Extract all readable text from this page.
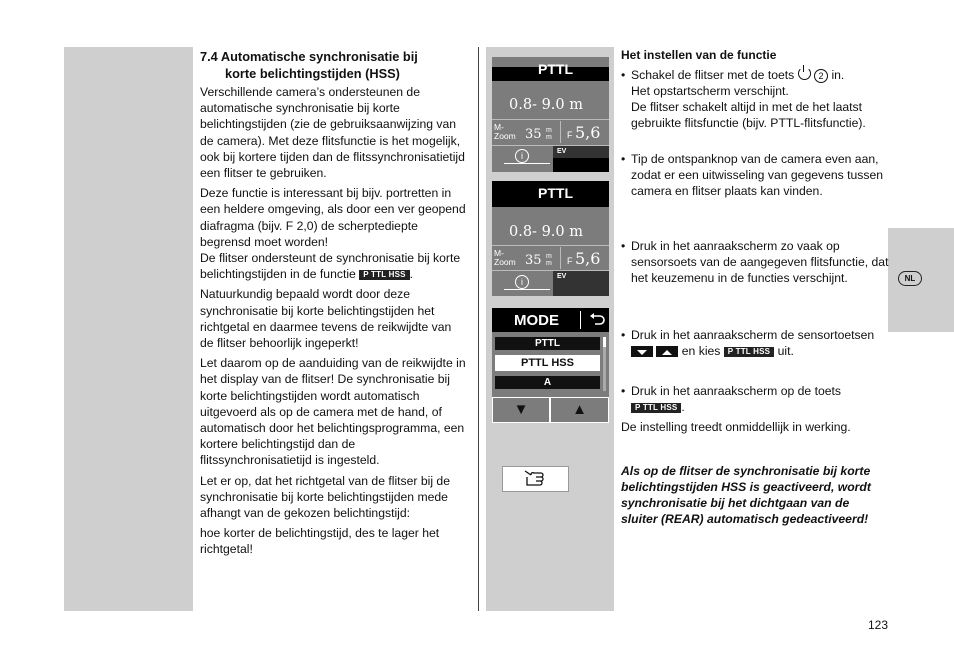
NL
7.4 Automatische synchronisatie bij
korte belichtingstijden (HSS)

Verschillende camera’s ondersteunen de automatische synchronisatie bij korte belichtingstijden (zie de gebruiksaanwijzing van de camera). Met deze flitsfunctie is het mogelijk, ook bij kortere tijden dan de flitssynchronisatietijd een flitser te gebruiken.

Deze functie is interessant bij bijv. portretten in een heldere omgeving, als door een ver geopend diafragma (bijv. F 2,0) de scherptediepte begrensd moet worden!

De flitser ondersteunt de synchronisatie bij korte belichtingstijden in de functie P TTL HSS .

Natuurkundig bepaald wordt door deze synchronisatie bij korte belichtingstijden het richtgetal en daarmee tevens de reikwijdte van de flitser behoorlijk ingeperkt!

Let daarom op de aanduiding van de reikwijdte in het display van de flitser! De synchronisatie bij korte belichtingstijden wordt automatisch uitgevoerd als op de camera met de hand, of automatisch door het belichtingsprogramma, een kortere belichtingstijd dan de flitssynchronisatietijd is ingesteld.

Let er op, dat het richtgetal van de flitser bij de synchronisatie bij korte belichtingstijden mede afhangt van de gekozen belichtingstijd:

hoe korter de belichtingstijd, des te lager het richtgetal!

PTTL
0.8- 9.0 m
M-
Zoom 35 m
m F 5,6
i	EV
PTTL
0.8- 9.0 m
M-
Zoom 35 m
m F 5,6
i
EV
MODE
PTTL
PTTL HSS
A
▼	▲
Het instellen van de functie
• Schakel de flitser met de toets	2 in.
Het opstartscherm verschijnt.
De flitser schakelt altijd in met de het laatst gebruikte flitsfunctie (bijv. PTTL-flitsfunctie).
• Tip de ontspanknop van de camera even aan, zodat er een uitwisseling van gegevens tussen camera en flitser plaats kan vinden.
• Druk in het aanraakscherm zo vaak op sensorsoets van de aangegeven flitsfunctie, dat het keuzemenu in de functies verschijnt.
• Druk in het aanraakscherm de sensortoetsen   en kies P TTL HSS uit.
• Druk in het aanraakscherm op de toets
P TTL HSS .
De instelling treedt onmiddellijk in werking.
Als op de flitser de synchronisatie bij korte belichtingstijden HSS is geactiveerd, wordt synchronisatie bij het dichtgaan van de sluiter (REAR) automatisch gedeactiveerd!
123
